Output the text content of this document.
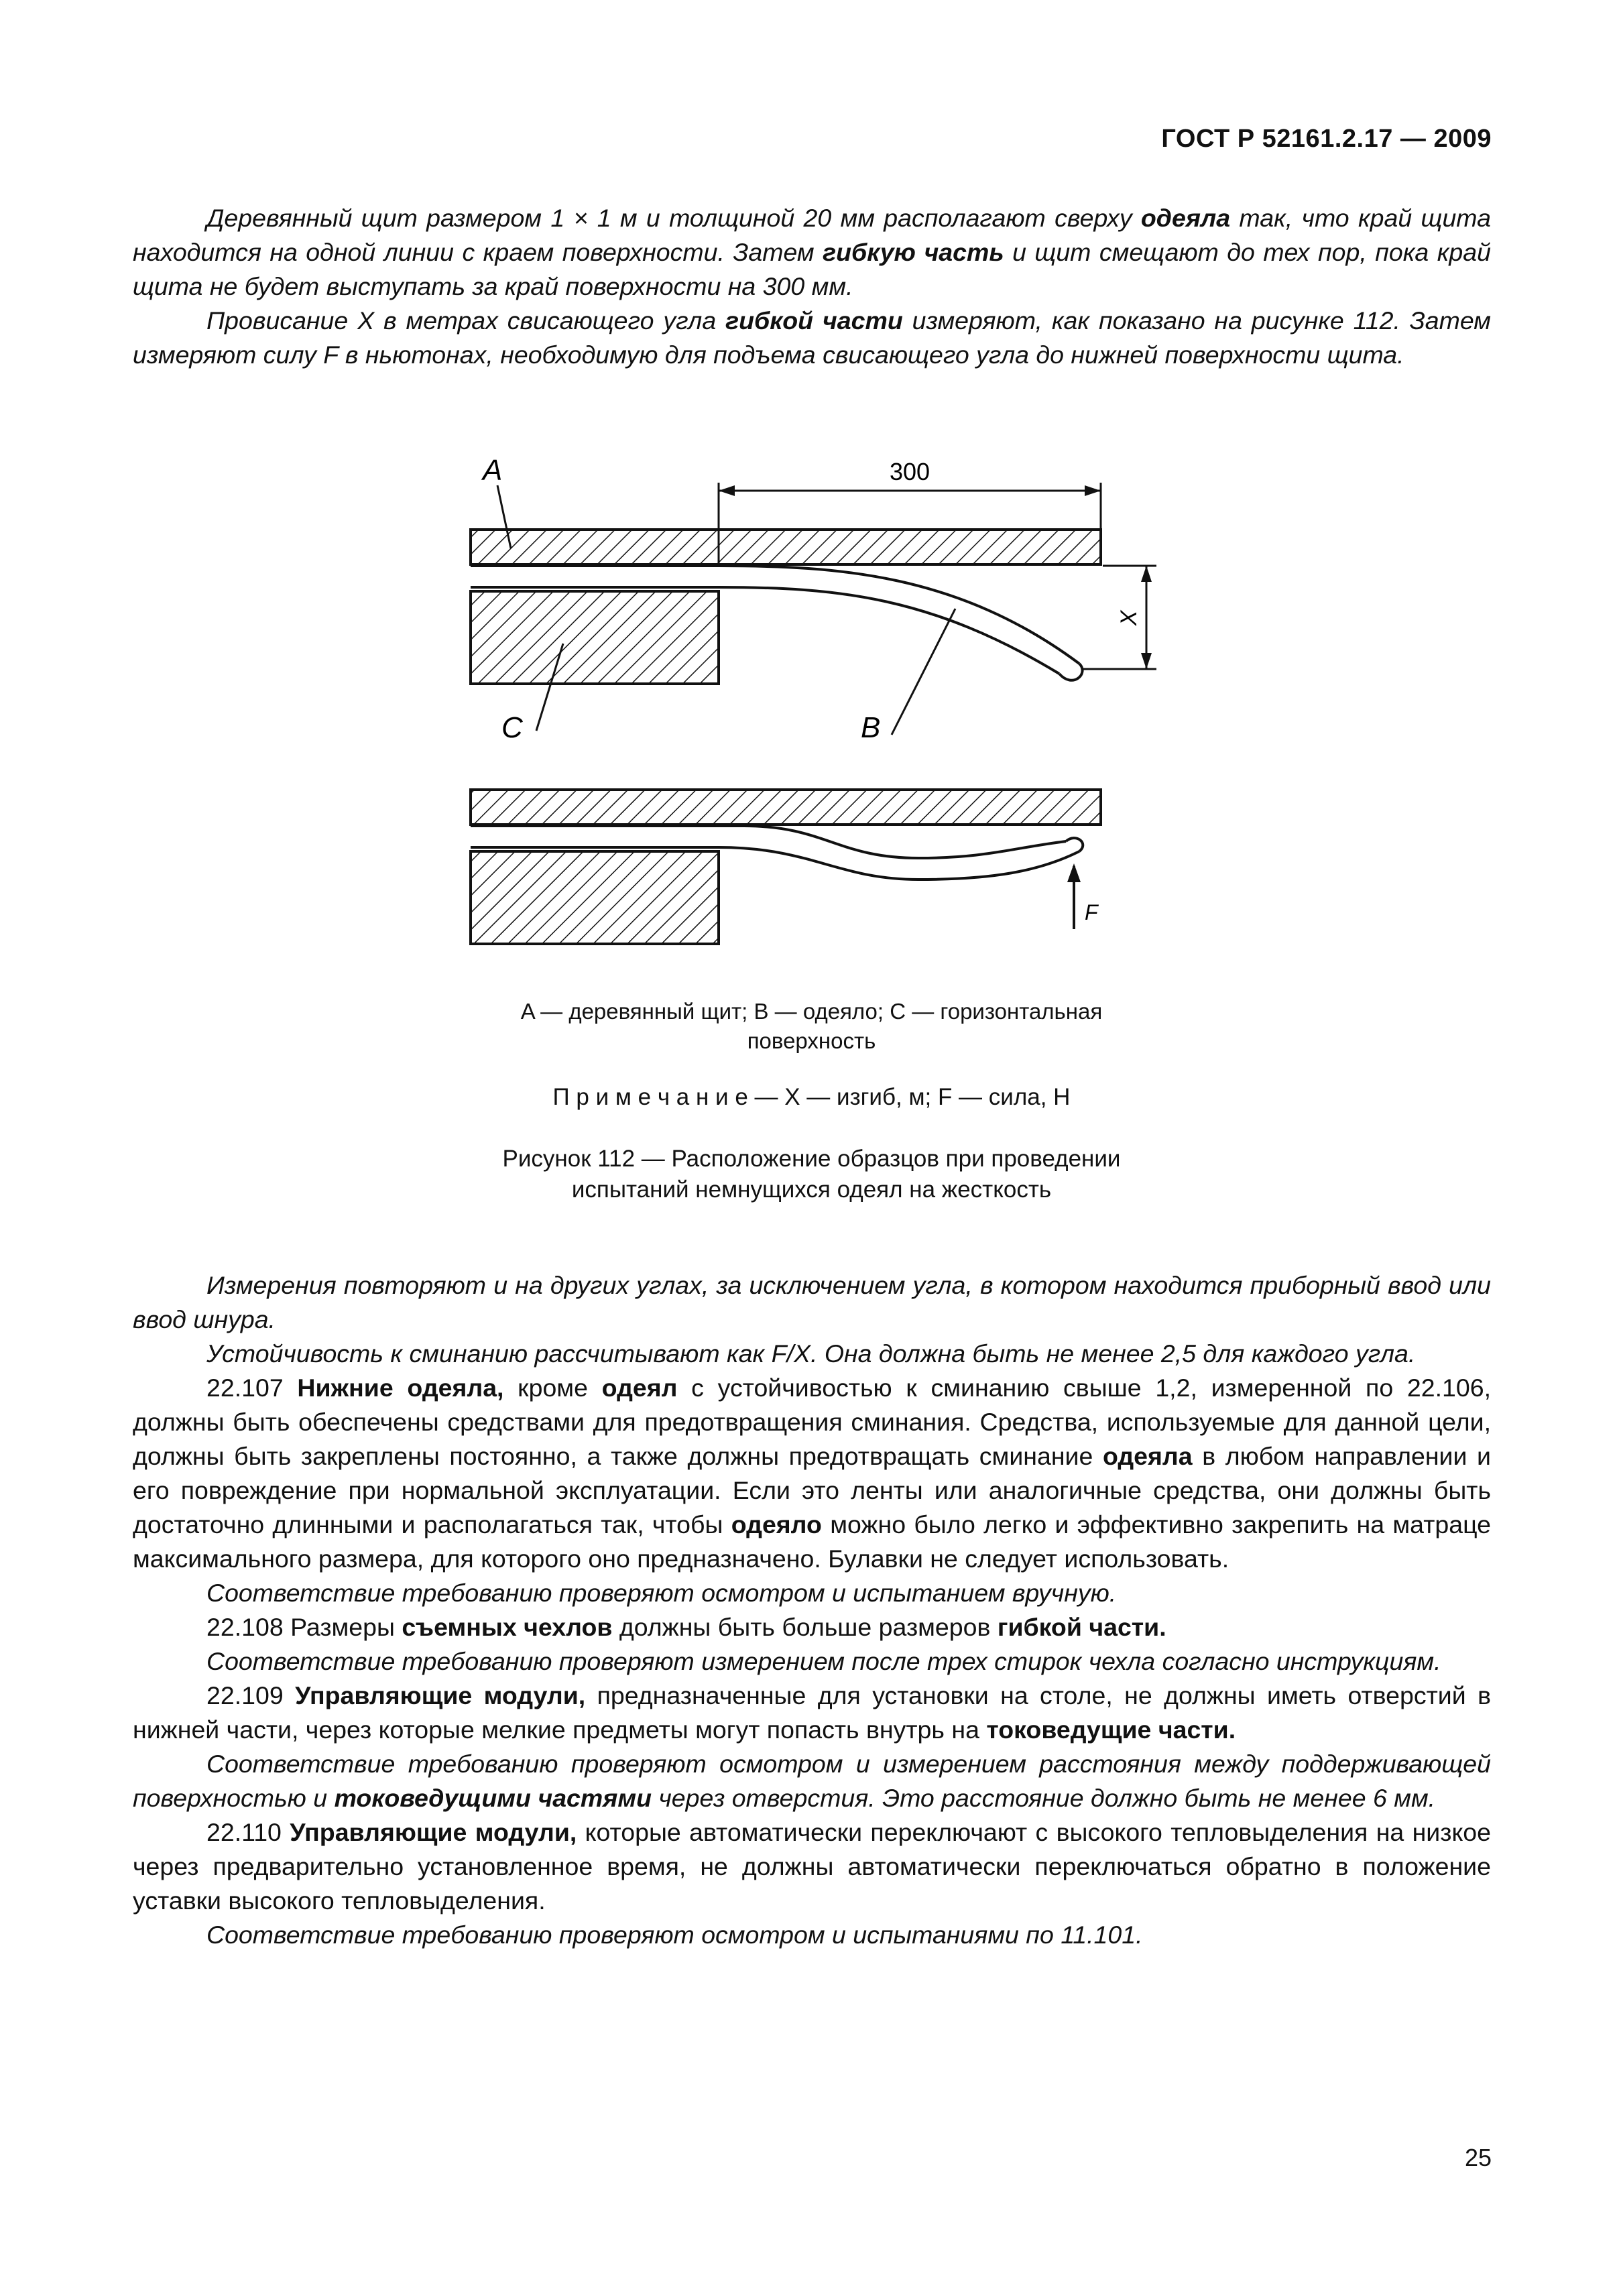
ГОСТ Р 52161.2.17 — 2009

Деревянный щит размером 1 × 1 м и толщиной 20 мм располагают сверху одеяла так, что край щита находится на одной линии с краем поверхности. Затем гибкую часть и щит смещают до тех пор, пока край щита не будет выступать за край поверхности на 300 мм.

Провисание X в метрах свисающего угла гибкой части измеряют, как показано на рисунке 112. Затем измеряют силу F в ньютонах, необходимую для подъема свисающего угла до нижней поверхности щита.

300
X
A
C	B
F
A — деревянный щит; B — одеяло; C — горизонтальная
поверхность
П р и м е ч а н и е — X — изгиб, м; F — сила, Н
Рисунок 112 — Расположение образцов при проведении
испытаний немнущихся одеял на жесткость

Измерения повторяют и на других углах, за исключением угла, в котором находится приборный ввод или ввод шнура.

Устойчивость к сминанию рассчитывают как F/X. Она должна быть не менее 2,5 для каждого угла.

22.107 Нижние одеяла, кроме одеял с устойчивостью к сминанию свыше 1,2, измеренной по 22.106, должны быть обеспечены средствами для предотвращения сминания. Средства, используемые для данной цели, должны быть закреплены постоянно, а также должны предотвращать сминание одеяла в любом направлении и его повреждение при нормальной эксплуатации. Если это ленты или аналогичные средства, они должны быть достаточно длинными и располагаться так, чтобы одеяло можно было легко и эффективно закрепить на матраце максимального размера, для которого оно предназначено. Булавки не следует использовать.

Соответствие требованию проверяют осмотром и испытанием вручную.

22.108 Размеры съемных чехлов должны быть больше размеров гибкой части.

Соответствие требованию проверяют измерением после трех стирок чехла согласно инструкциям.

22.109 Управляющие модули, предназначенные для установки на столе, не должны иметь отверстий в нижней части, через которые мелкие предметы могут попасть внутрь на токоведущие части.

Соответствие требованию проверяют осмотром и измерением расстояния между поддерживающей поверхностью и токоведущими частями через отверстия. Это расстояние должно быть не менее 6 мм.

22.110 Управляющие модули, которые автоматически переключают с высокого тепловыделения на низкое через предварительно установленное время, не должны автоматически переключаться обратно в положение уставки высокого тепловыделения.

Соответствие требованию проверяют осмотром и испытаниями по 11.101.

25
